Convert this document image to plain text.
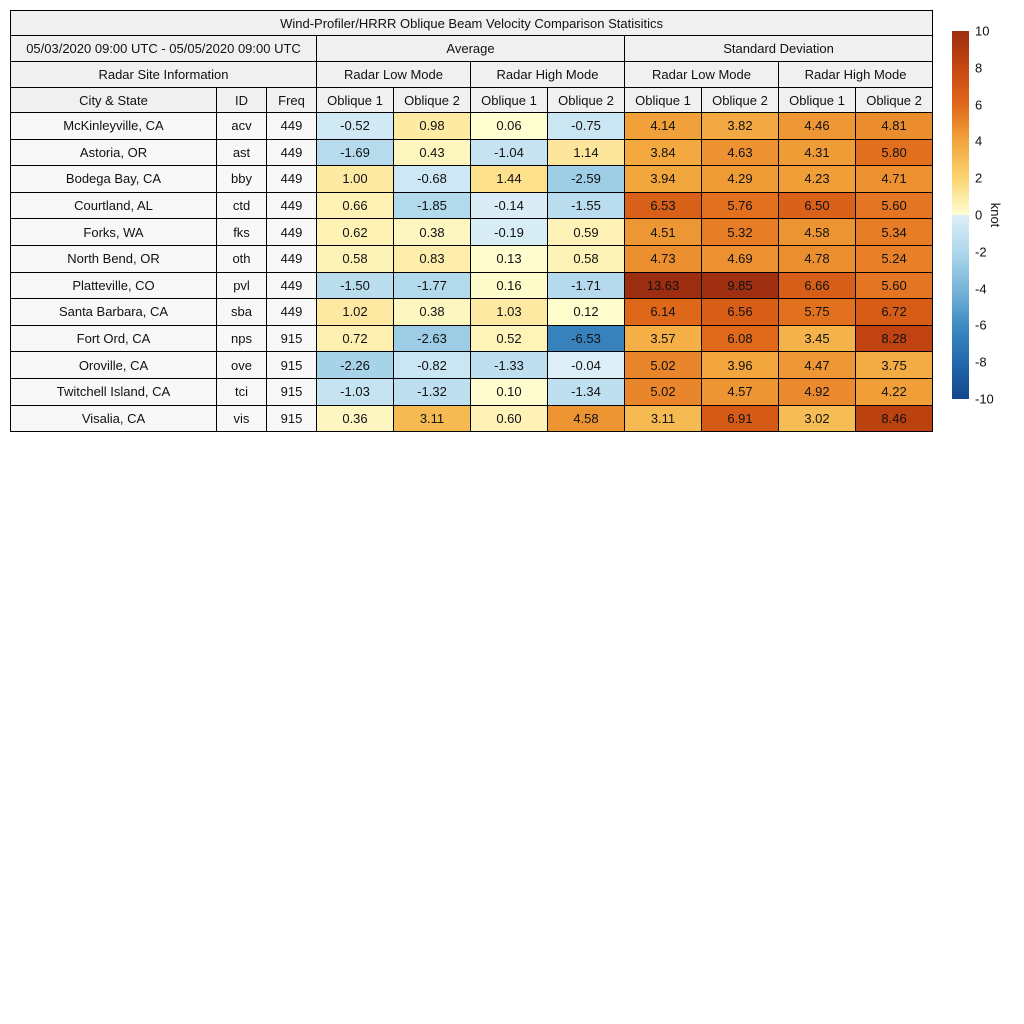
Wind-Profiler/HRRR Oblique Beam Velocity Comparison Statisitics										
05/03/2020 09:00 UTC - 05/05/2020 09:00 UTC			Average				Standard Deviation			
Radar Site Information			Radar Low Mode		Radar High Mode		Radar Low Mode		Radar High Mode	
City & State	ID	Freq	Oblique 1	Oblique 2	Oblique 1	Oblique 2	Oblique 1	Oblique 2	Oblique 1	Oblique 2
McKinleyville, CA	acv	449	-0.52	0.98	0.06	-0.75	4.14	3.82	4.46	4.81
Astoria, OR	ast	449	-1.69	0.43	-1.04	1.14	3.84	4.63	4.31	5.80
Bodega Bay, CA	bby	449	1.00	-0.68	1.44	-2.59	3.94	4.29	4.23	4.71
Courtland, AL	ctd	449	0.66	-1.85	-0.14	-1.55	6.53	5.76	6.50	5.60
Forks, WA	fks	449	0.62	0.38	-0.19	0.59	4.51	5.32	4.58	5.34
North Bend, OR	oth	449	0.58	0.83	0.13	0.58	4.73	4.69	4.78	5.24
Platteville, CO	pvl	449	-1.50	-1.77	0.16	-1.71	13.63	9.85	6.66	5.60
Santa Barbara, CA	sba	449	1.02	0.38	1.03	0.12	6.14	6.56	5.75	6.72
Fort Ord, CA	nps	915	0.72	-2.63	0.52	-6.53	3.57	6.08	3.45	8.28
Oroville, CA	ove	915	-2.26	-0.82	-1.33	-0.04	5.02	3.96	4.47	3.75
Twitchell Island, CA	tci	915	-1.03	-1.32	0.10	-1.34	5.02	4.57	4.92	4.22
Visalia, CA	vis	915	0.36	3.11	0.60	4.58	3.11	6.91	3.02	8.46
10
8
6
4
2
0
-2
-4
-6
-8
-10
knot
